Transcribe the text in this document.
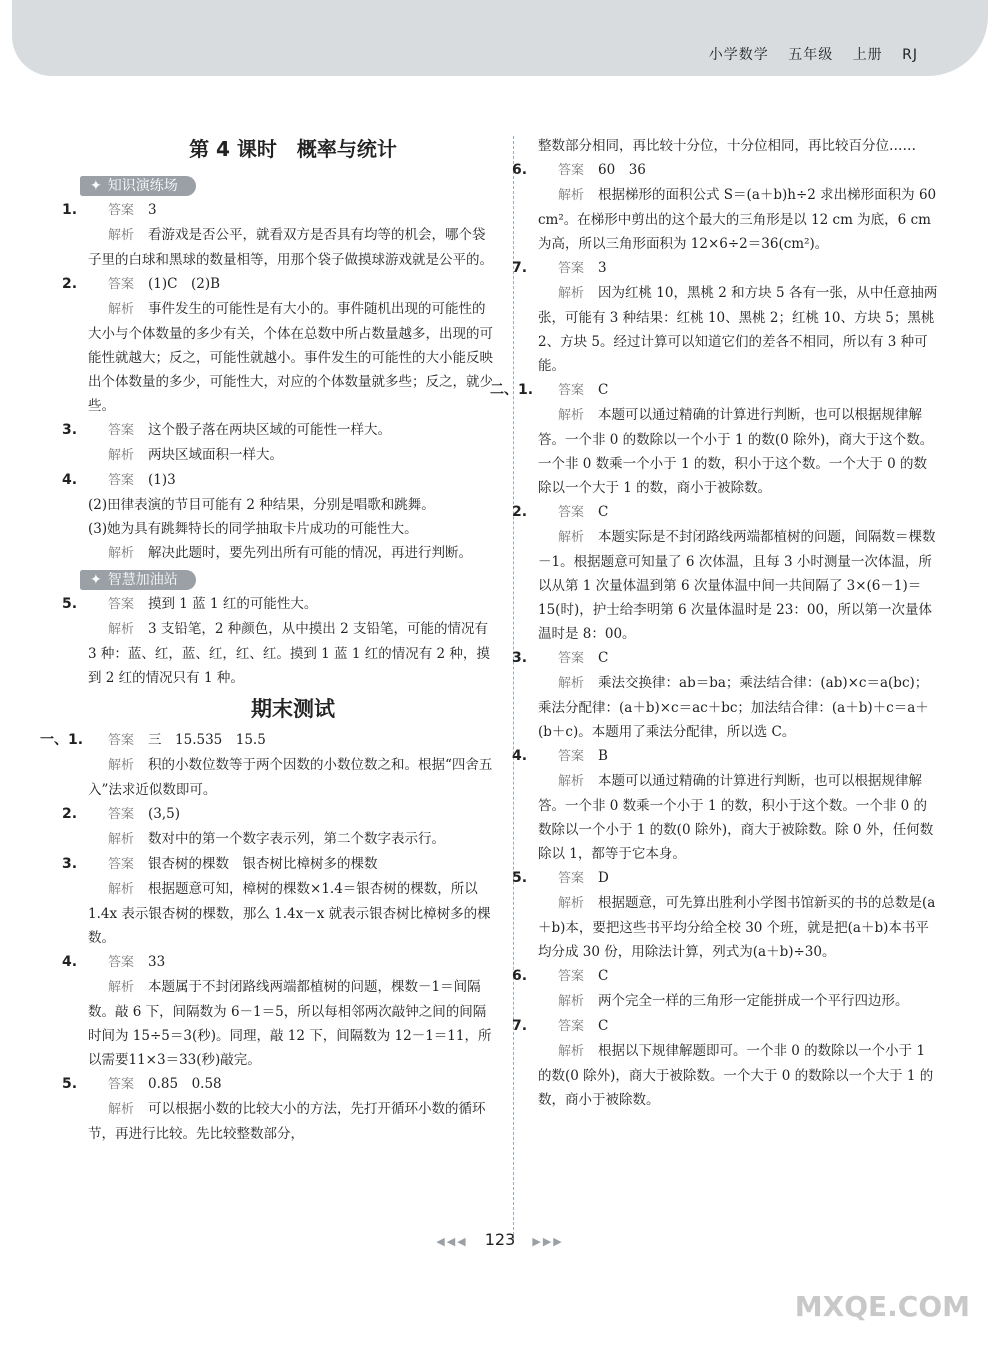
小学数学 五年级 上册 RJ
第 4 课时　概率与统计
✦ 知识演练场
1.	答案 3
解析 看游戏是否公平，就看双方是否具有均等的机会，哪个袋子里的白球和黑球的数量相等，用那个袋子做摸球游戏就是公平的。
2.	答案 (1)C　(2)B
解析 事件发生的可能性是有大小的。事件随机出现的可能性的大小与个体数量的多少有关，个体在总数中所占数量越多，出现的可能性就越大；反之，可能性就越小。事件发生的可能性的大小能反映出个体数量的多少，可能性大，对应的个体数量就多些；反之，就少些。
3.	答案 这个骰子落在两块区域的可能性一样大。
解析 两块区域面积一样大。
4.	答案 (1)3
(2)田律表演的节目可能有 2 种结果，分别是唱歌和跳舞。
(3)她为具有跳舞特长的同学抽取卡片成功的可能性大。
解析 解决此题时，要先列出所有可能的情况，再进行判断。
✦ 智慧加油站
5.	答案 摸到 1 蓝 1 红的可能性大。
解析 3 支铅笔，2 种颜色，从中摸出 2 支铅笔，可能的情况有 3 种：蓝、红，蓝、红，红、红。摸到 1 蓝 1 红的情况有 2 种，摸到 2 红的情况只有 1 种。
期末测试
一、1.	答案 三　15.535　15.5
解析 积的小数位数等于两个因数的小数位数之和。根据“四舍五入”法求近似数即可。
2.	答案 (3,5)
解析 数对中的第一个数字表示列，第二个数字表示行。
3.	答案 银杏树的棵数　银杏树比樟树多的棵数
解析 根据题意可知，樟树的棵数×1.4＝银杏树的棵数，所以 1.4x 表示银杏树的棵数，那么 1.4x－x 就表示银杏树比樟树多的棵数。
4.	答案 33
解析 本题属于不封闭路线两端都植树的问题，棵数－1＝间隔数。敲 6 下，间隔数为 6－1＝5，所以每相邻两次敲钟之间的间隔时间为 15÷5＝3(秒)。同理，敲 12 下，间隔数为 12－1＝11，所以需要11×3＝33(秒)敲完。
5.	答案 0.85　0.58
解析 可以根据小数的比较大小的方法，先打开循环小数的循环节，再进行比较。先比较整数部分，
整数部分相同，再比较十分位，十分位相同，再比较百分位……
6.	答案 60　36
解析 根据梯形的面积公式 S＝(a＋b)h÷2 求出梯形面积为 60 cm²。在梯形中剪出的这个最大的三角形是以 12 cm 为底，6 cm 为高，所以三角形面积为 12×6÷2＝36(cm²)。
7.	答案 3
解析 因为红桃 10，黑桃 2 和方块 5 各有一张，从中任意抽两张，可能有 3 种结果：红桃 10、黑桃 2；红桃 10、方块 5；黑桃 2、方块 5。经过计算可以知道它们的差各不相同，所以有 3 种可能。
二、1.	答案 C
解析 本题可以通过精确的计算进行判断，也可以根据规律解答。一个非 0 的数除以一个小于 1 的数(0 除外)，商大于这个数。一个非 0 数乘一个小于 1 的数，积小于这个数。一个大于 0 的数除以一个大于 1 的数，商小于被除数。
2.	答案 C
解析 本题实际是不封闭路线两端都植树的问题，间隔数＝棵数－1。根据题意可知量了 6 次体温，且每 3 小时测量一次体温，所以从第 1 次量体温到第 6 次量体温中间一共间隔了 3×(6－1)＝15(时)，护士给李明第 6 次量体温时是 23：00，所以第一次量体温时是 8：00。
3.	答案 C
解析 乘法交换律：ab＝ba；乘法结合律：(ab)×c＝a(bc)；乘法分配律：(a＋b)×c＝ac＋bc；加法结合律：(a＋b)＋c＝a＋(b＋c)。本题用了乘法分配律，所以选 C。
4.	答案 B
解析 本题可以通过精确的计算进行判断，也可以根据规律解答。一个非 0 数乘一个小于 1 的数，积小于这个数。一个非 0 的数除以一个小于 1 的数(0 除外)，商大于被除数。除 0 外，任何数除以 1，都等于它本身。
5.	答案 D
解析 根据题意，可先算出胜利小学图书馆新买的书的总数是(a＋b)本，要把这些书平均分给全校 30 个班，就是把(a＋b)本书平均分成 30 份，用除法计算，列式为(a＋b)÷30。
6.	答案 C
解析 两个完全一样的三角形一定能拼成一个平行四边形。
7.	答案 C
解析 根据以下规律解题即可。一个非 0 的数除以一个小于 1 的数(0 除外)，商大于被除数。一个大于 0 的数除以一个大于 1 的数，商小于被除数。
◀◀◀ 123 ▶▶▶
MXQE.COM
